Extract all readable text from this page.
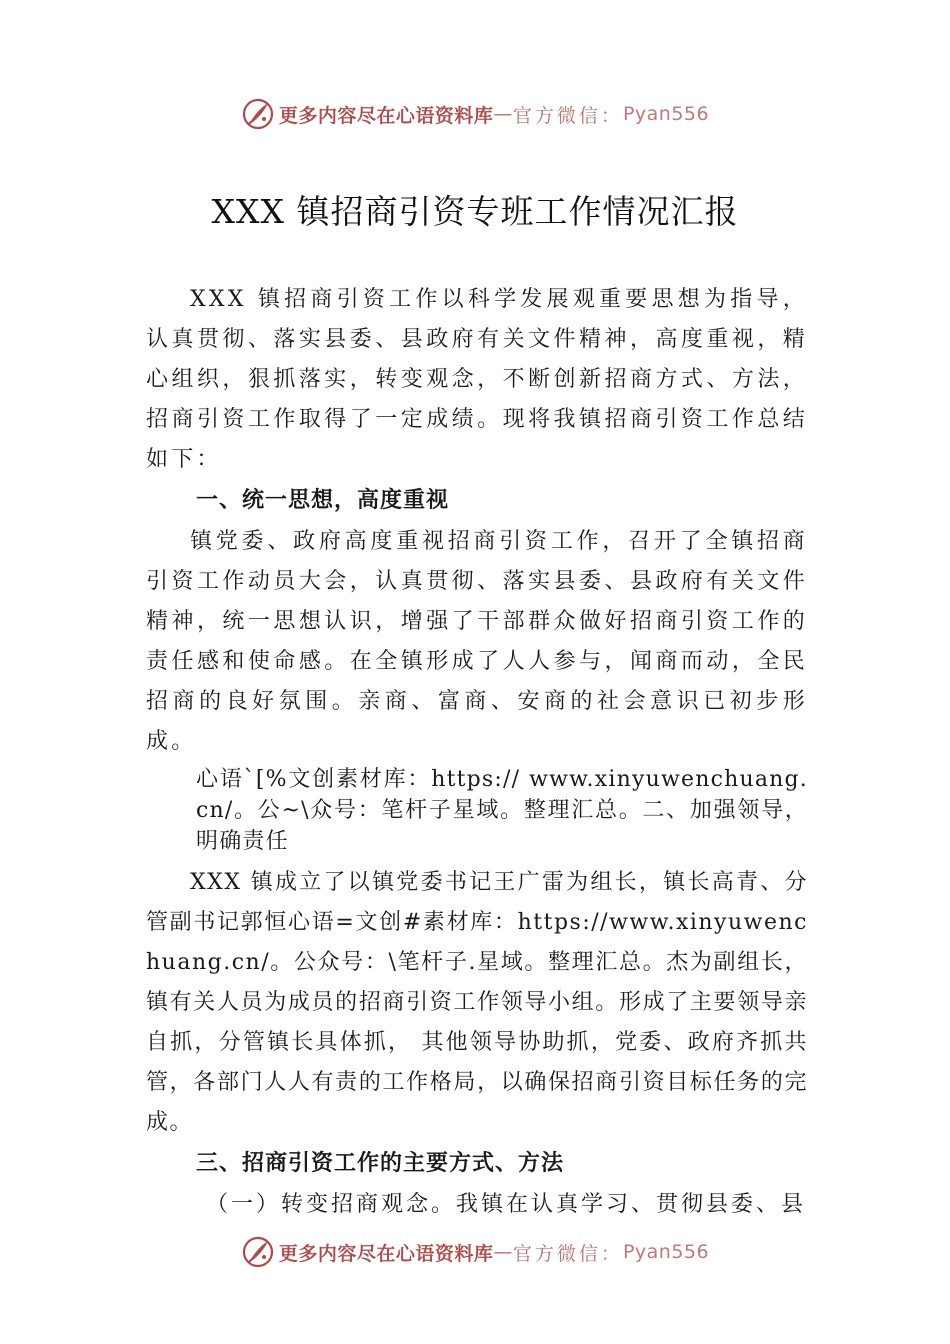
更多内容尽在心语资料库 — 官方微信： Pyan556
XXX 镇招商引资专班工作情况汇报

XXX 镇招商引资工作以科学发展观重要思想为指导，认真贯彻、落实县委、县政府有关文件精神，高度重视，精心组织，狠抓落实，转变观念，不断创新招商方式、方法，招商引资工作取得了一定成绩。现将我镇招商引资工作总结如下：

一、统一思想，高度重视

镇党委、政府高度重视招商引资工作，召开了全镇招商引资工作动员大会，认真贯彻、落实县委、县政府有关文件精神，统一思想认识，增强了干部群众做好招商引资工作的责任感和使命感。在全镇形成了人人参与，闻商而动，全民招商的良好氛围。亲商、富商、安商的社会意识已初步形成。

心语`[%文创素材库：https:// www.xinyuwenchuang.cn/。公~\众号：笔杆子星域。整理汇总。二、加强领导，明确责任

XXX 镇成立了以镇党委书记王广雷为组长，镇长高青、分管副书记郭恒心语=文创#素材库：https://www.xinyuwenchuang.cn/。公众号：\笔杆子.星域。整理汇总。杰为副组长，镇有关人员为成员的招商引资工作领导小组。形成了主要领导亲自抓，分管镇长具体抓， 其他领导协助抓，党委、政府齐抓共管，各部门人人有责的工作格局，以确保招商引资目标任务的完成。

三、招商引资工作的主要方式、方法

（一）转变招商观念。我镇在认真学习、贯彻县委、县

更多内容尽在心语资料库 — 官方微信： Pyan556
